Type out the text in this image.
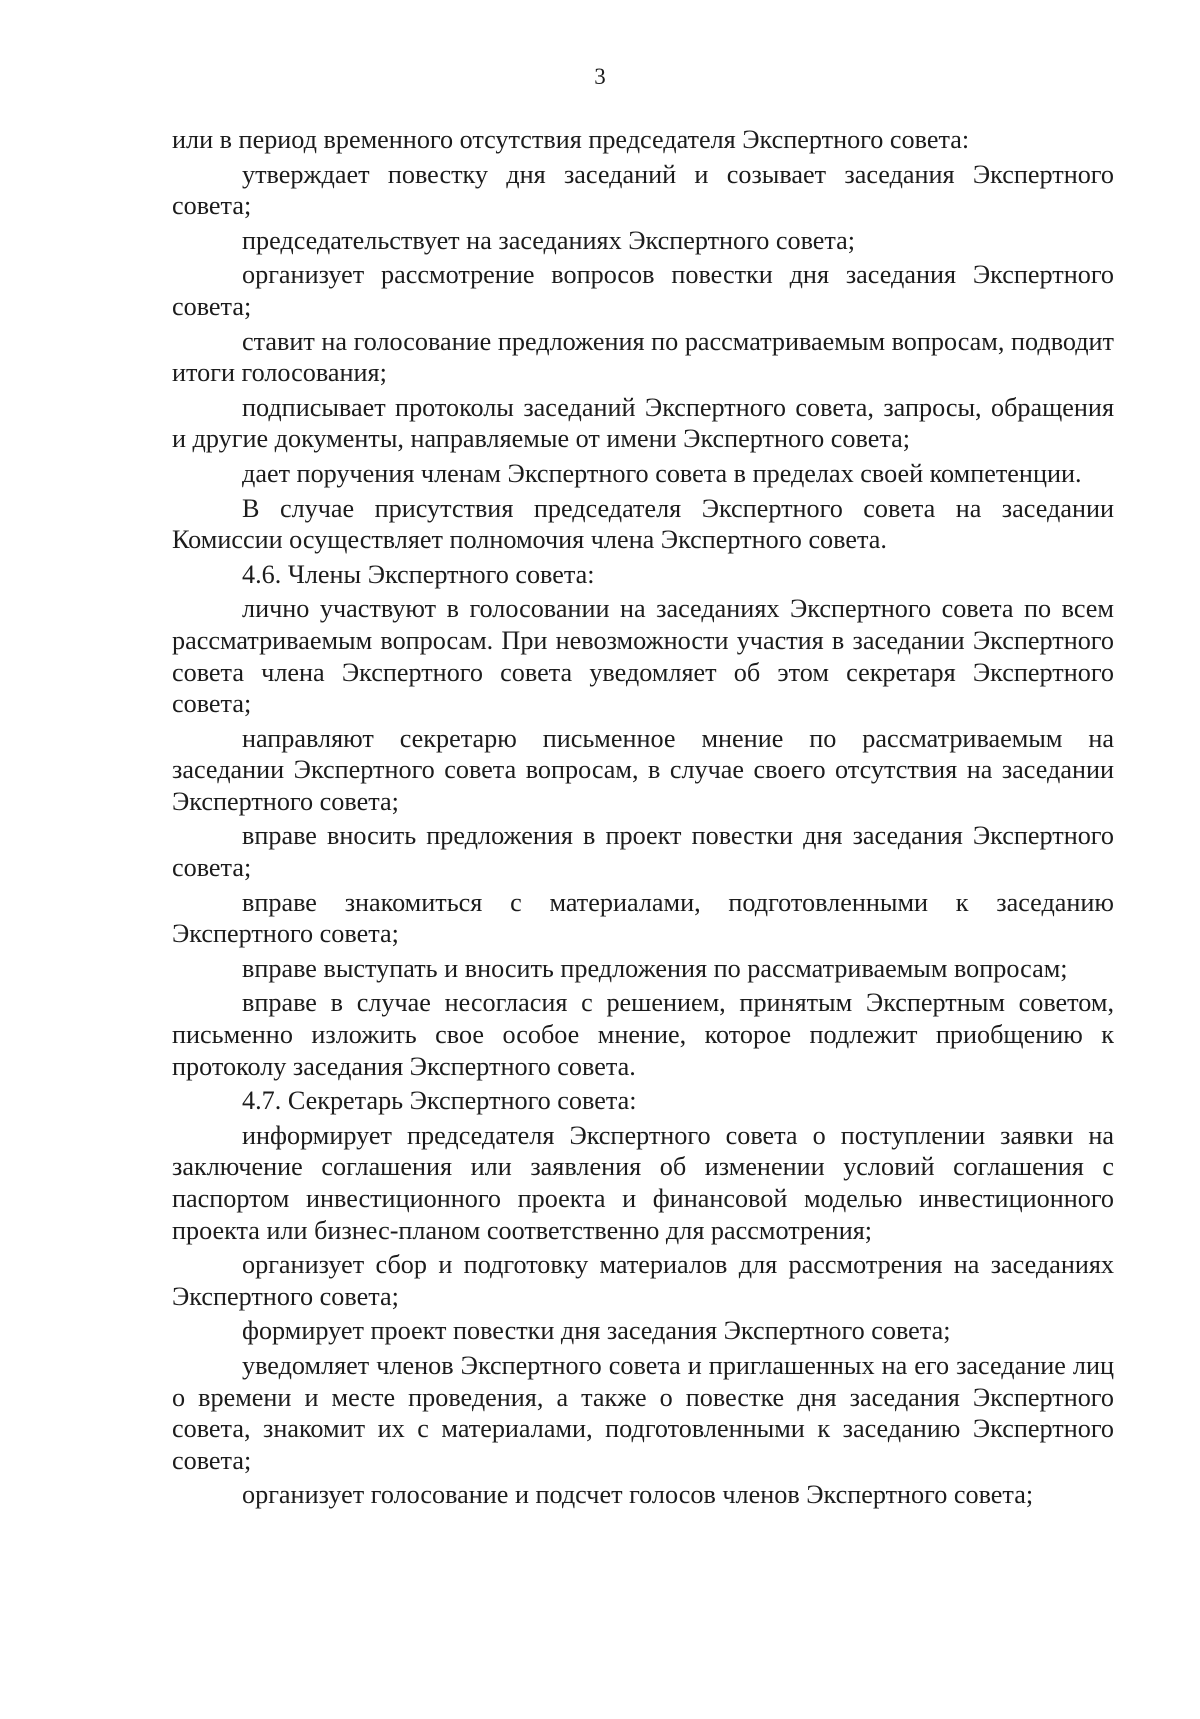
3

или в период временного отсутствия председателя Экспертного совета:

утверждает повестку дня заседаний и созывает заседания Экспертного совета;

председательствует на заседаниях Экспертного совета;

организует рассмотрение вопросов повестки дня заседания Экспертного совета;

ставит на голосование предложения по рассматриваемым вопросам, подводит итоги голосования;

подписывает протоколы заседаний Экспертного совета, запросы, обращения и другие документы, направляемые от имени Экспертного совета;

дает поручения членам Экспертного совета в пределах своей компетенции.

В случае присутствия председателя Экспертного совета на заседании Комиссии осуществляет полномочия члена Экспертного совета.

4.6. Члены Экспертного совета:

лично участвуют в голосовании на заседаниях Экспертного совета по всем рассматриваемым вопросам. При невозможности участия в заседании Экспертного совета члена Экспертного совета уведомляет об этом секретаря Экспертного совета;

направляют секретарю письменное мнение по рассматриваемым на заседании Экспертного совета вопросам, в случае своего отсутствия на заседании Экспертного совета;

вправе вносить предложения в проект повестки дня заседания Экспертного совета;

вправе знакомиться с материалами, подготовленными к заседанию Экспертного совета;

вправе выступать и вносить предложения по рассматриваемым вопросам;

вправе в случае несогласия с решением, принятым Экспертным советом, письменно изложить свое особое мнение, которое подлежит приобщению к протоколу заседания Экспертного совета.

4.7. Секретарь Экспертного совета:

информирует председателя Экспертного совета о поступлении заявки на заключение соглашения или заявления об изменении условий соглашения с паспортом инвестиционного проекта и финансовой моделью инвестиционного проекта или бизнес-планом соответственно для рассмотрения;

организует сбор и подготовку материалов для рассмотрения на заседаниях Экспертного совета;

формирует проект повестки дня заседания Экспертного совета;

уведомляет членов Экспертного совета и приглашенных на его заседание лиц о времени и месте проведения, а также о повестке дня заседания Экспертного совета, знакомит их с материалами, подготовленными к заседанию Экспертного совета;

организует голосование и подсчет голосов членов Экспертного совета;
